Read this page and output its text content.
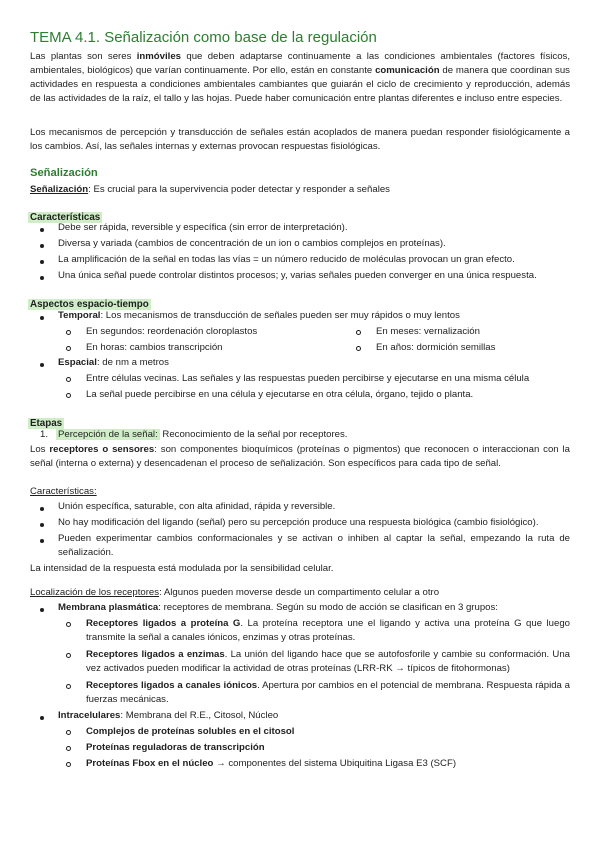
TEMA 4.1. Señalización como base de la regulación
Las plantas son seres inmóviles que deben adaptarse continuamente a las condiciones ambientales (factores físicos, ambientales, biológicos) que varían continuamente. Por ello, están en constante comunicación de manera que coordinan sus actividades en respuesta a condiciones ambientales cambiantes que guiarán el ciclo de crecimiento y reproducción, además de las actividades de la raíz, el tallo y las hojas. Puede haber comunicación entre plantas diferentes e incluso entre especies.
Los mecanismos de percepción y transducción de señales están acoplados de manera puedan responder fisiológicamente a los cambios. Así, las señales internas y externas provocan respuestas fisiológicas.
Señalización
Señalización: Es crucial para la supervivencia poder detectar y responder a señales
Características
Debe ser rápida, reversible y específica (sin error de interpretación).
Diversa y variada (cambios de concentración de un ion o cambios complejos en proteínas).
La amplificación de la señal en todas las vías = un número reducido de moléculas provocan un gran efecto.
Una única señal puede controlar distintos procesos; y, varias señales pueden converger en una única respuesta.
Aspectos espacio-tiempo
Temporal: Los mecanismos de transducción de señales pueden ser muy rápidos o muy lentos
En segundos: reordenación cloroplastos	En meses: vernalización
En horas: cambios transcripción	En años: dormición semillas
Espacial: de nm a metros
Entre células vecinas. Las señales y las respuestas pueden percibirse y ejecutarse en una misma célula
La señal puede percibirse en una célula y ejecutarse en otra célula, órgano, tejido o planta.
Etapas
1. Percepción de la señal: Reconocimiento de la señal por receptores.
Los receptores o sensores: son componentes bioquímicos (proteínas o pigmentos) que reconocen o interaccionan con la señal (interna o externa) y desencadenan el proceso de señalización. Son específicos para cada tipo de señal.
Características:
Unión específica, saturable, con alta afinidad, rápida y reversible.
No hay modificación del ligando (señal) pero su percepción produce una respuesta biológica (cambio fisiológico).
Pueden experimentar cambios conformacionales y se activan o inhiben al captar la señal, empezando la ruta de señalización.
La intensidad de la respuesta está modulada por la sensibilidad celular.
Localización de los receptores: Algunos pueden moverse desde un compartimento celular a otro
Membrana plasmática: receptores de membrana. Según su modo de acción se clasifican en 3 grupos:
Receptores ligados a proteína G. La proteína receptora une el ligando y activa una proteína G que luego transmite la señal a canales iónicos, enzimas y otras proteínas.
Receptores ligados a enzimas. La unión del ligando hace que se autofosforile y cambie su conformación. Una vez activados pueden modificar la actividad de otras proteínas (LRR-RK → típicos de fitohormonas)
Receptores ligados a canales iónicos. Apertura por cambios en el potencial de membrana. Respuesta rápida a fuerzas mecánicas.
Intracelulares: Membrana del R.E., Citosol, Núcleo
Complejos de proteínas solubles en el citosol
Proteínas reguladoras de transcripción
Proteínas Fbox en el núcleo → componentes del sistema Ubiquitina Ligasa E3 (SCF)
